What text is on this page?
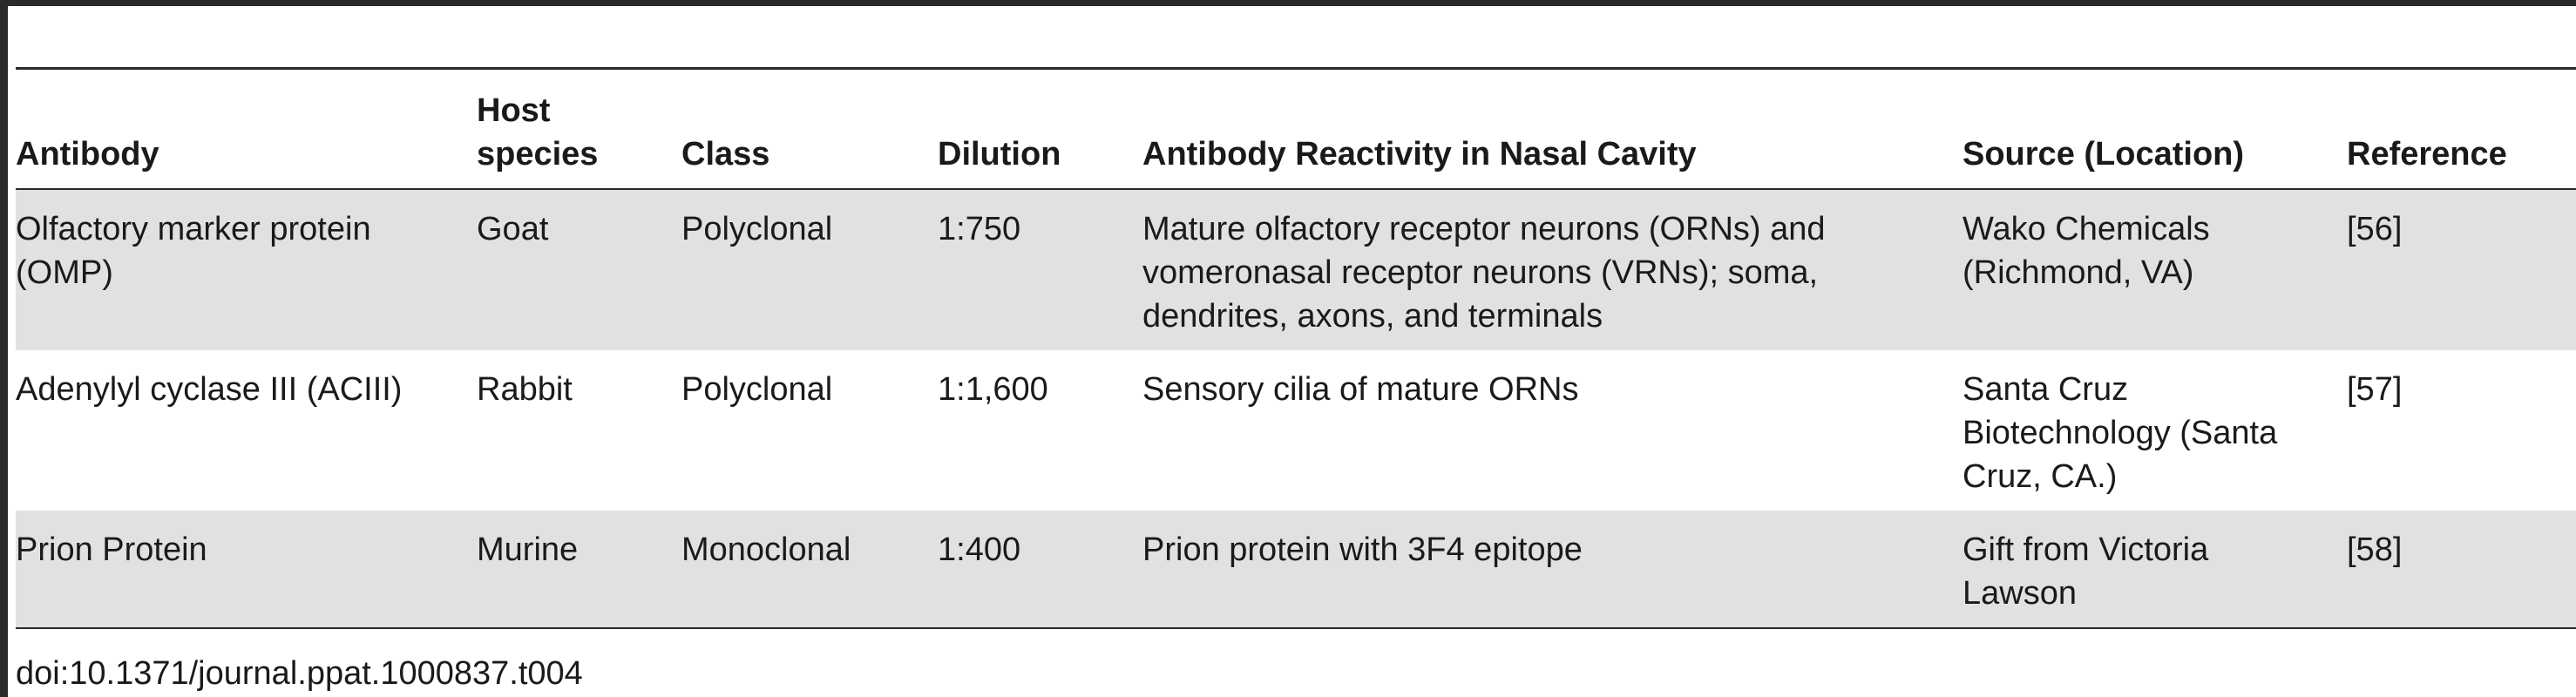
Antibody	Host species	Class	Dilution	Antibody Reactivity in Nasal Cavity	Source (Location)	Reference
Olfactory marker protein (OMP)	Goat	Polyclonal	1:750	Mature olfactory receptor neurons (ORNs) and vomeronasal receptor neurons (VRNs); soma, dendrites, axons, and terminals	Wako Chemicals (Richmond, VA)	[56]
Adenylyl cyclase III (ACIII)	Rabbit	Polyclonal	1:1,600	Sensory cilia of mature ORNs	Santa Cruz Biotechnology (Santa Cruz, CA.)	[57]
Prion Protein	Murine	Monoclonal	1:400	Prion protein with 3F4 epitope	Gift from Victoria Lawson	[58]
doi:10.1371/journal.ppat.1000837.t004
